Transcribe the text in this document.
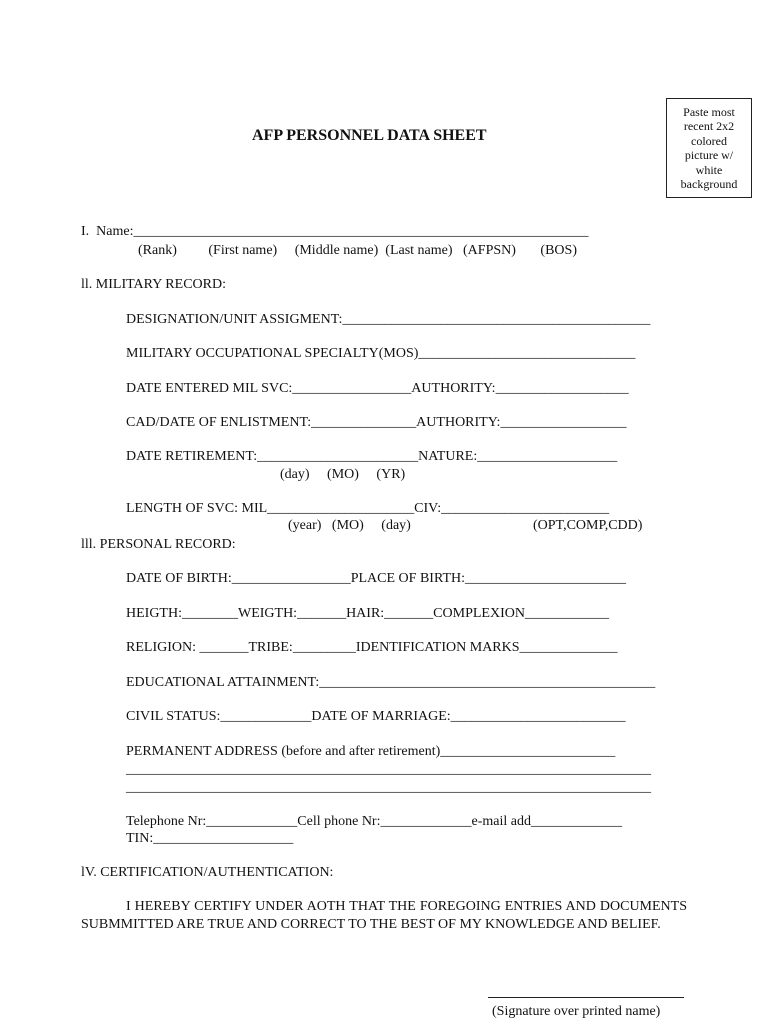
Paste most recent 2x2 colored picture w/ white background
AFP PERSONNEL DATA SHEET
I.  Name:_________________________________________________________________
(Rank)         (First name)     (Middle name)  (Last name)   (AFPSN)       (BOS)
ll. MILITARY RECORD:
DESIGNATION/UNIT ASSIGMENT:____________________________________________
MILITARY OCCUPATIONAL SPECIALTY(MOS)_______________________________
DATE ENTERED MIL SVC:_________________AUTHORITY:___________________
CAD/DATE OF ENLISTMENT:_______________AUTHORITY:__________________
DATE RETIREMENT:_______________________NATURE:____________________
(day)     (MO)     (YR)
LENGTH OF SVC: MIL_____________________CIV:________________________
(year)   (MO)     (day)	(OPT,COMP,CDD)
lll. PERSONAL RECORD:
DATE OF BIRTH:_________________PLACE OF BIRTH:_______________________
HEIGTH:________WEIGTH:_______HAIR:_______COMPLEXION____________
RELIGION: _______TRIBE:_________IDENTIFICATION MARKS______________
EDUCATIONAL ATTAINMENT:________________________________________________
CIVIL STATUS:_____________DATE OF MARRIAGE:_________________________
PERMANENT ADDRESS (before and after retirement)_________________________
___________________________________________________________________________
___________________________________________________________________________
Telephone Nr:_____________Cell phone Nr:_____________e-mail add_____________
TIN:____________________
lV. CERTIFICATION/AUTHENTICATION:
I HEREBY CERTIFY UNDER AOTH THAT THE FOREGOING ENTRIES AND DOCUMENTS SUBMMITTED ARE TRUE AND CORRECT TO THE BEST OF MY KNOWLEDGE AND BELIEF.
(Signature over printed name)
